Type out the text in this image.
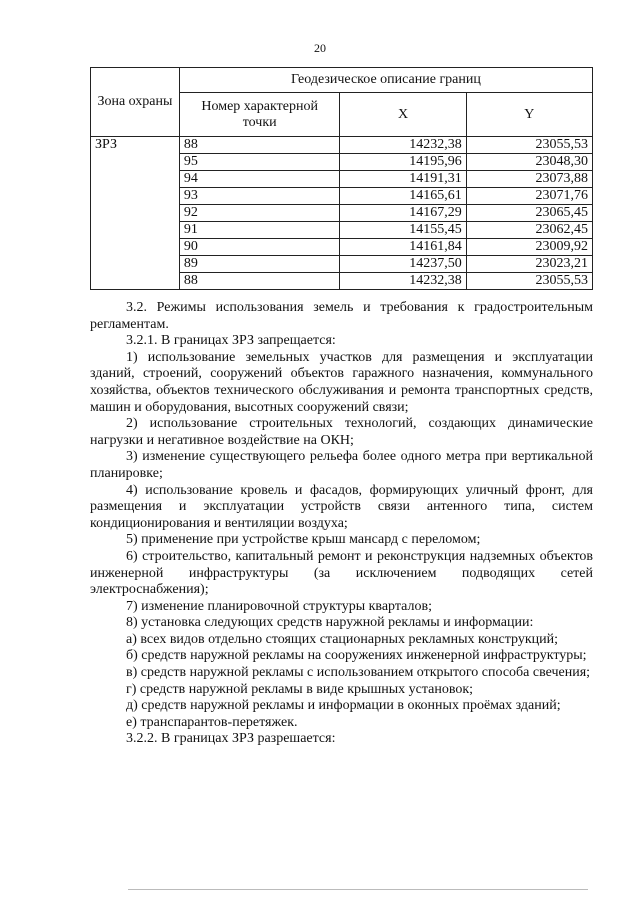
20
Зона охраны	Геодезическое описание границ		
	Номер характерной точки	X	Y
ЗРЗ	88	14232,38	23055,53
	95	14195,96	23048,30
	94	14191,31	23073,88
	93	14165,61	23071,76
	92	14167,29	23065,45
	91	14155,45	23062,45
	90	14161,84	23009,92
	89	14237,50	23023,21
	88	14232,38	23055,53

3.2. Режимы использования земель и требования к градостроительным регламентам.

3.2.1. В границах ЗРЗ запрещается:

1) использование земельных участков для размещения и эксплуатации зданий, строений, сооружений объектов гаражного назначения, коммунального хозяйства, объектов технического обслуживания и ремонта транспортных средств, машин и оборудования, высотных сооружений связи;

2) использование строительных технологий, создающих динамические нагрузки и негативное воздействие на ОКН;

3) изменение существующего рельефа более одного метра при вертикальной планировке;

4) использование кровель и фасадов, формирующих уличный фронт, для размещения и эксплуатации устройств связи антенного типа, систем кондиционирования и вентиляции воздуха;

5) применение при устройстве крыш мансард с переломом;

6) строительство, капитальный ремонт и реконструкция надземных объектов инженерной инфраструктуры (за исключением подводящих сетей электроснабжения);

7) изменение планировочной структуры кварталов;

8) установка следующих средств наружной рекламы и информации:

а) всех видов отдельно стоящих стационарных рекламных конструкций;

б) средств наружной рекламы на сооружениях инженерной инфраструктуры;

в) средств наружной рекламы с использованием открытого способа свечения;

г) средств наружной рекламы в виде крышных установок;

д) средств наружной рекламы и информации в оконных проёмах зданий;

е) транспарантов-перетяжек.

3.2.2. В границах ЗРЗ разрешается:
